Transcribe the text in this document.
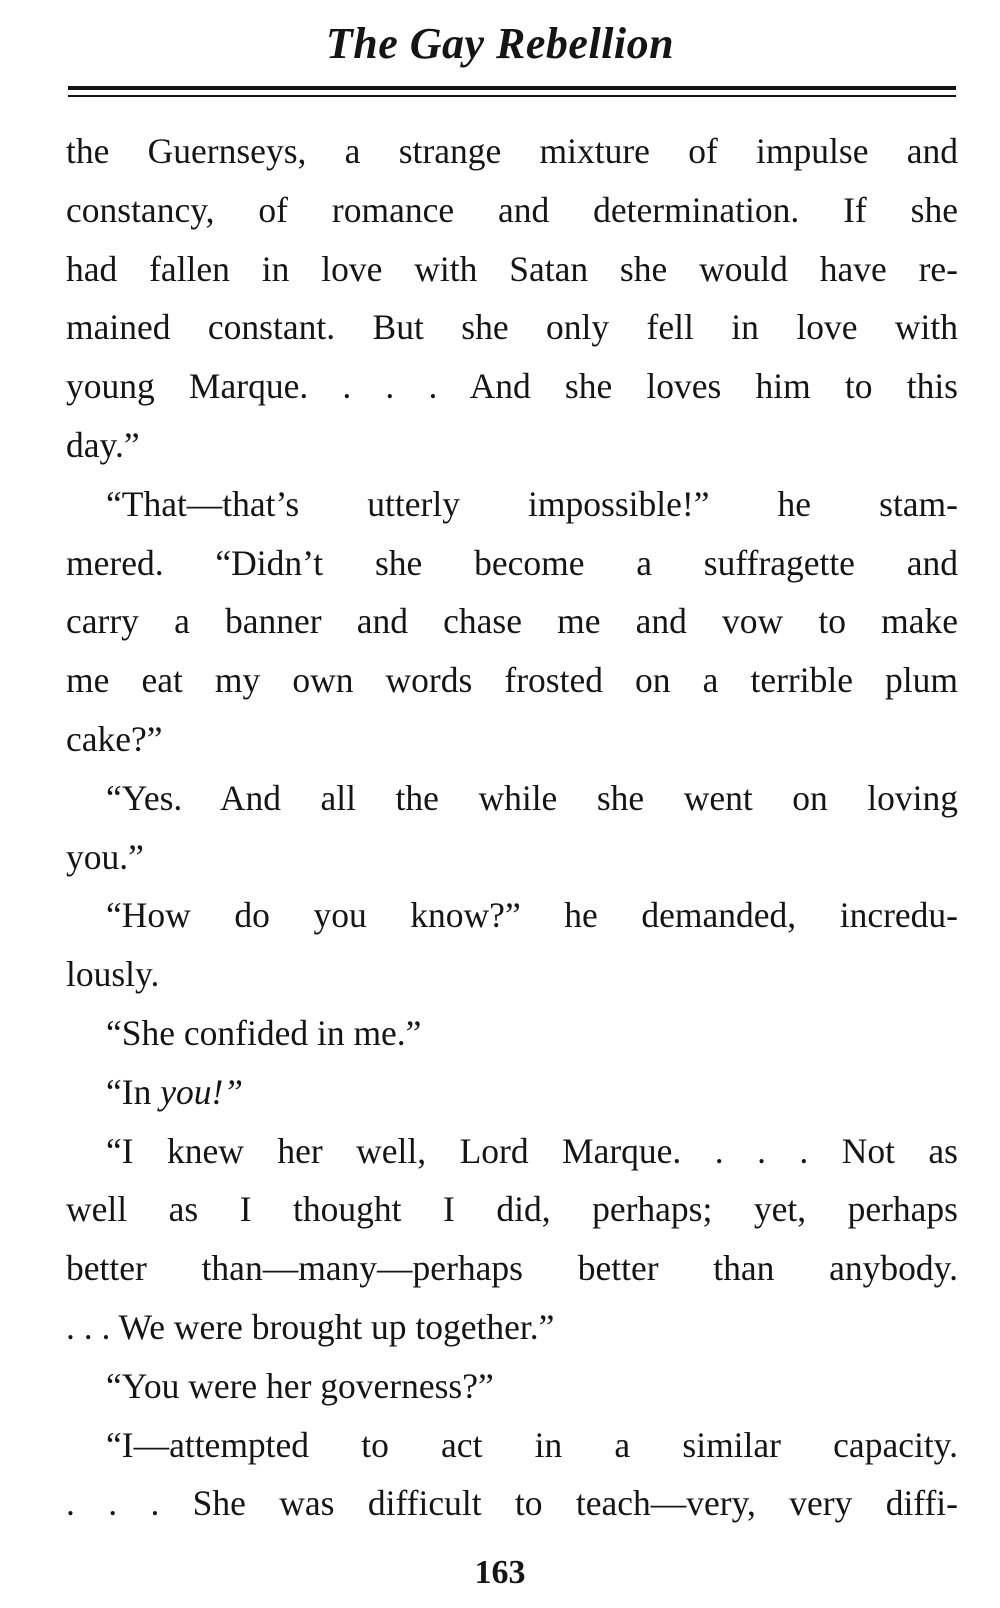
The Gay Rebellion
the Guernseys, a strange mixture of impulse and
constancy, of romance and determination. If she
had fallen in love with Satan she would have re-
mained constant. But she only fell in love with
young Marque. . . . And she loves him to this
day.”
“That—that’s utterly impossible!” he stam-
mered. “Didn’t she become a suffragette and
carry a banner and chase me and vow to make
me eat my own words frosted on a terrible plum
cake?”
“Yes. And all the while she went on loving
you.”
“How do you know?” he demanded, incredu-
lously.
“She confided in me.”
“In you!”
“I knew her well, Lord Marque. . . . Not as
well as I thought I did, perhaps; yet, perhaps
better than—many—perhaps better than anybody.
. . . We were brought up together.”
“You were her governess?”
“I—attempted to act in a similar capacity.
. . . She was difficult to teach—very, very diffi-
163
